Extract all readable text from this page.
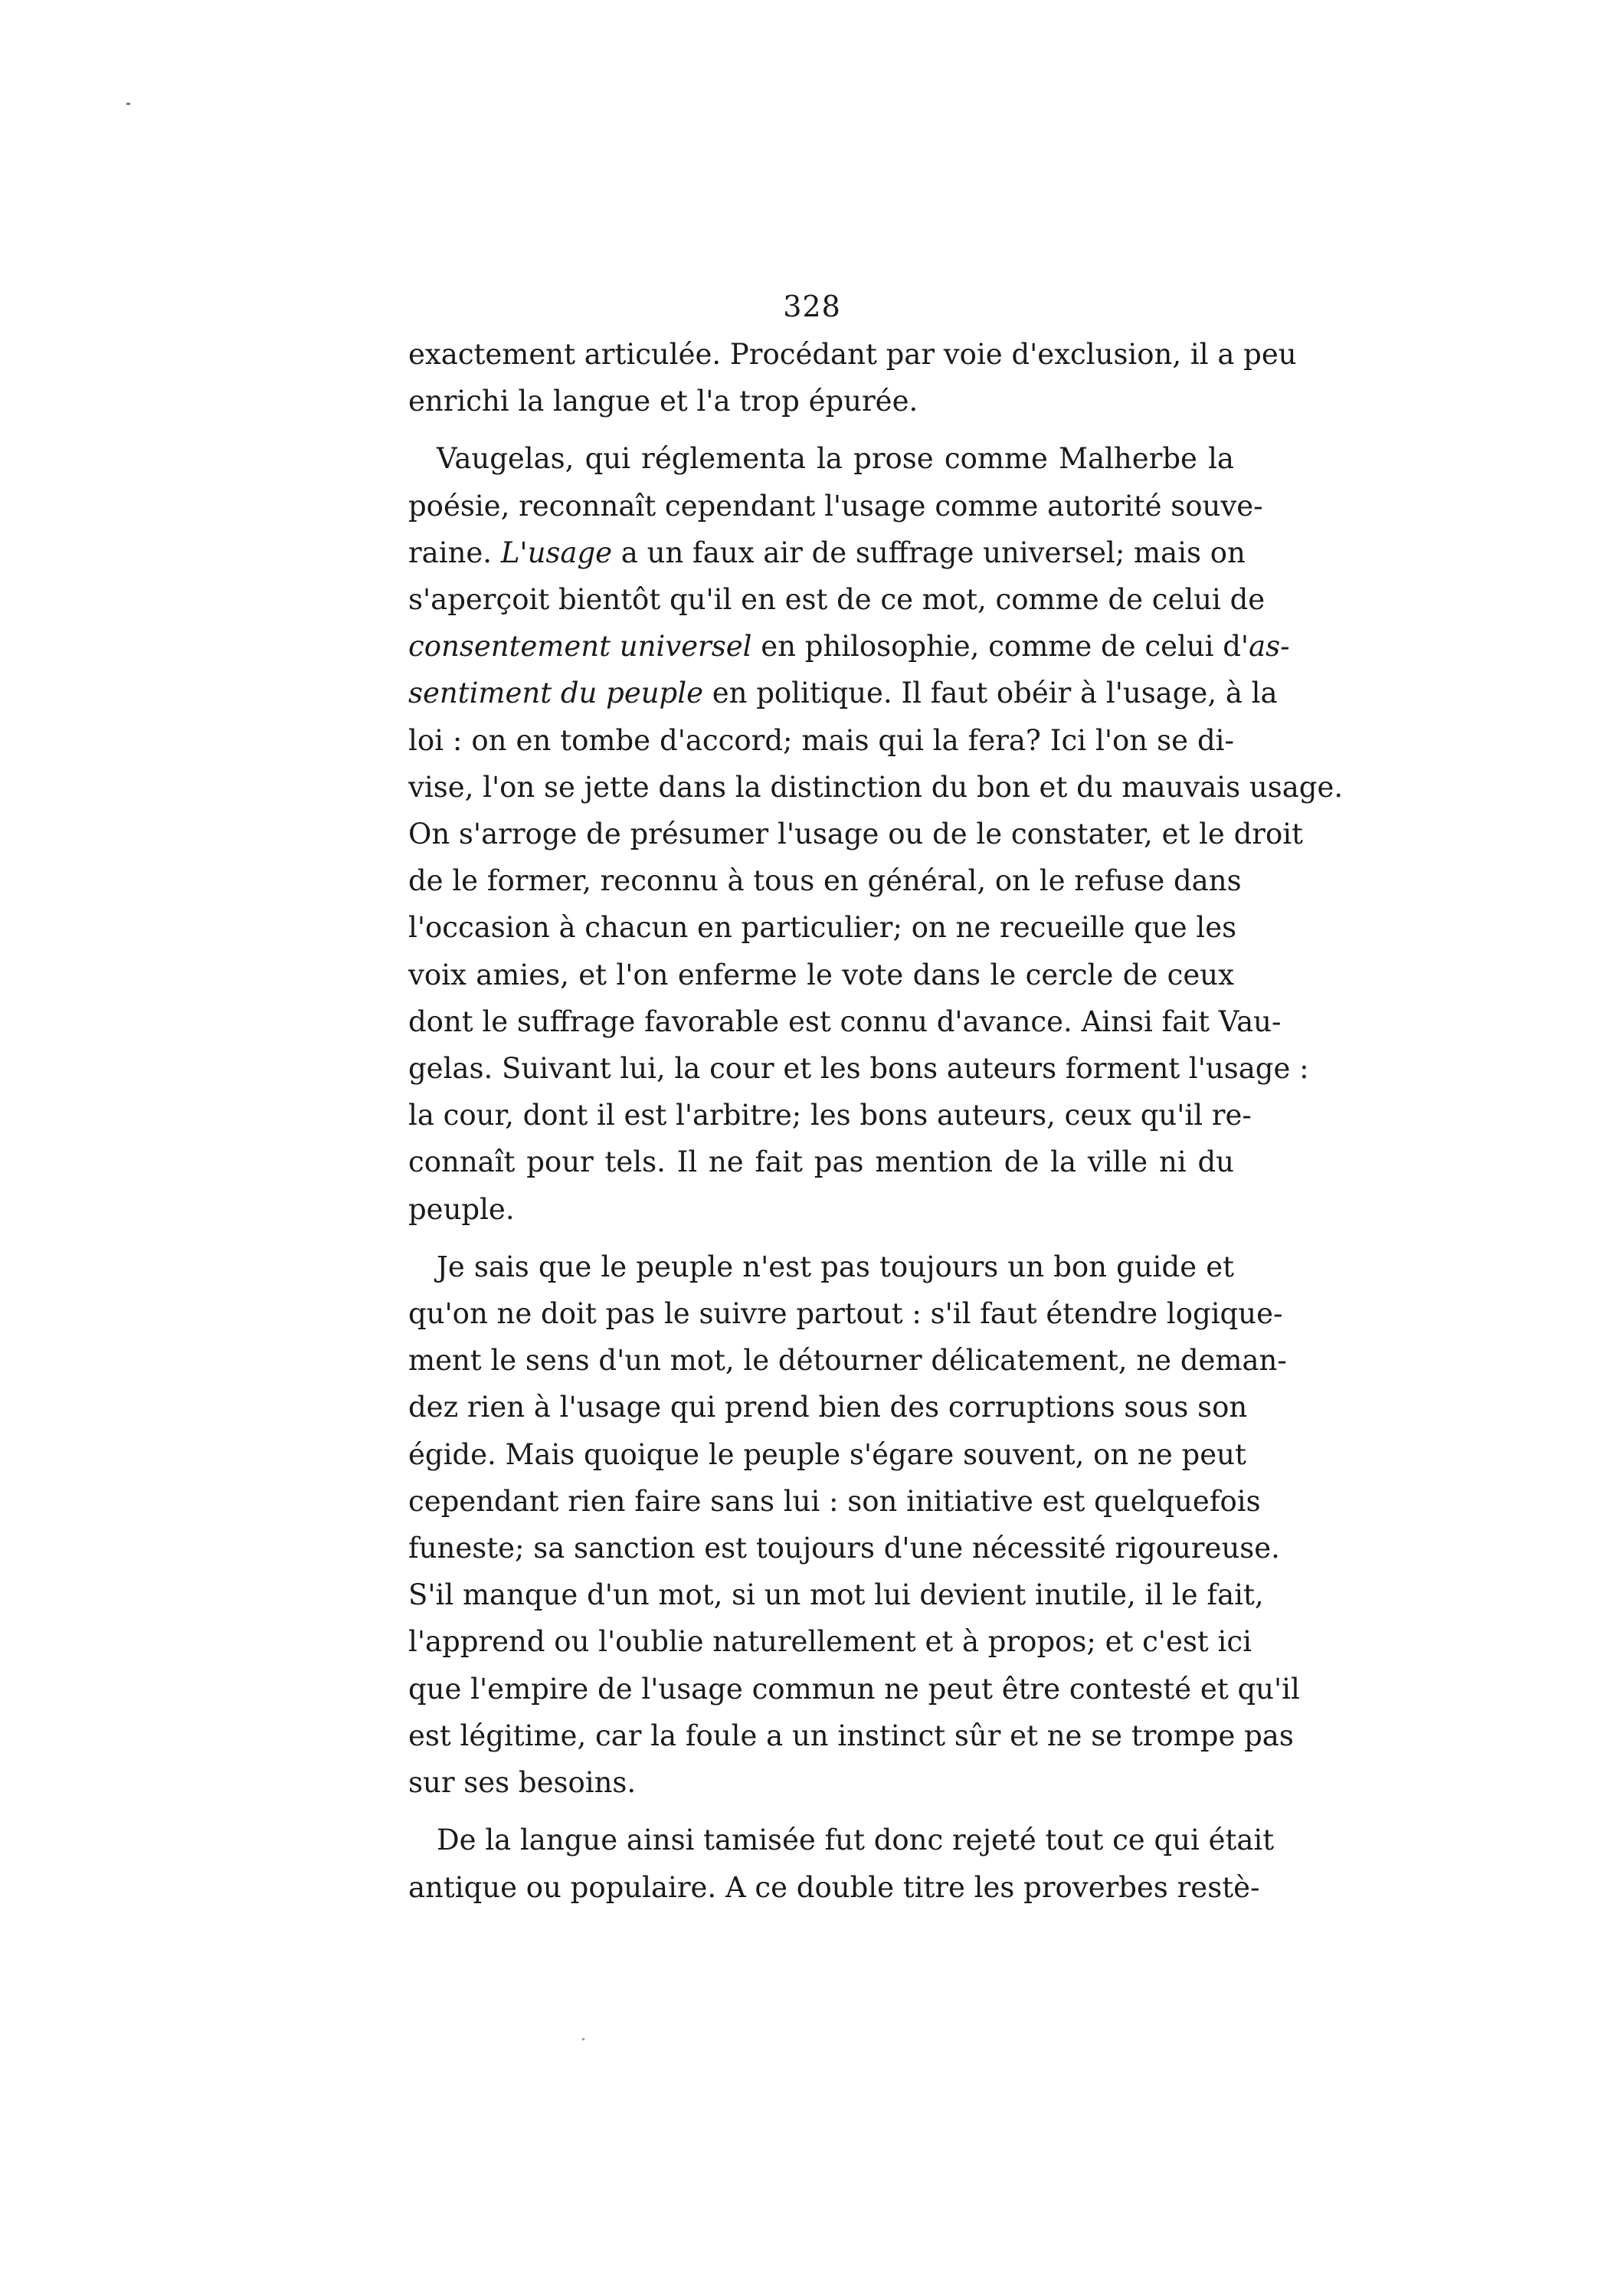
328
exactement articulée. Procédant par voie d'exclusion, il a peu
enrichi la langue et l'a trop épurée.
Vaugelas, qui réglementa la prose comme Malherbe la
poésie, reconnaît cependant l'usage comme autorité souve-
raine. L'usage a un faux air de suffrage universel; mais on
s'aperçoit bientôt qu'il en est de ce mot, comme de celui de
consentement universel en philosophie, comme de celui d'as-
sentiment du peuple en politique. Il faut obéir à l'usage, à la
loi : on en tombe d'accord; mais qui la fera? Ici l'on se di-
vise, l'on se jette dans la distinction du bon et du mauvais usage.
On s'arroge de présumer l'usage ou de le constater, et le droit
de le former, reconnu à tous en général, on le refuse dans
l'occasion à chacun en particulier; on ne recueille que les
voix amies, et l'on enferme le vote dans le cercle de ceux
dont le suffrage favorable est connu d'avance. Ainsi fait Vau-
gelas. Suivant lui, la cour et les bons auteurs forment l'usage :
la cour, dont il est l'arbitre; les bons auteurs, ceux qu'il re-
connaît pour tels. Il ne fait pas mention de la ville ni du
peuple.
Je sais que le peuple n'est pas toujours un bon guide et
qu'on ne doit pas le suivre partout : s'il faut étendre logique-
ment le sens d'un mot, le détourner délicatement, ne deman-
dez rien à l'usage qui prend bien des corruptions sous son
égide. Mais quoique le peuple s'égare souvent, on ne peut
cependant rien faire sans lui : son initiative est quelquefois
funeste; sa sanction est toujours d'une nécessité rigoureuse.
S'il manque d'un mot, si un mot lui devient inutile, il le fait,
l'apprend ou l'oublie naturellement et à propos; et c'est ici
que l'empire de l'usage commun ne peut être contesté et qu'il
est légitime, car la foule a un instinct sûr et ne se trompe pas
sur ses besoins.
De la langue ainsi tamisée fut donc rejeté tout ce qui était
antique ou populaire. A ce double titre les proverbes restè-
